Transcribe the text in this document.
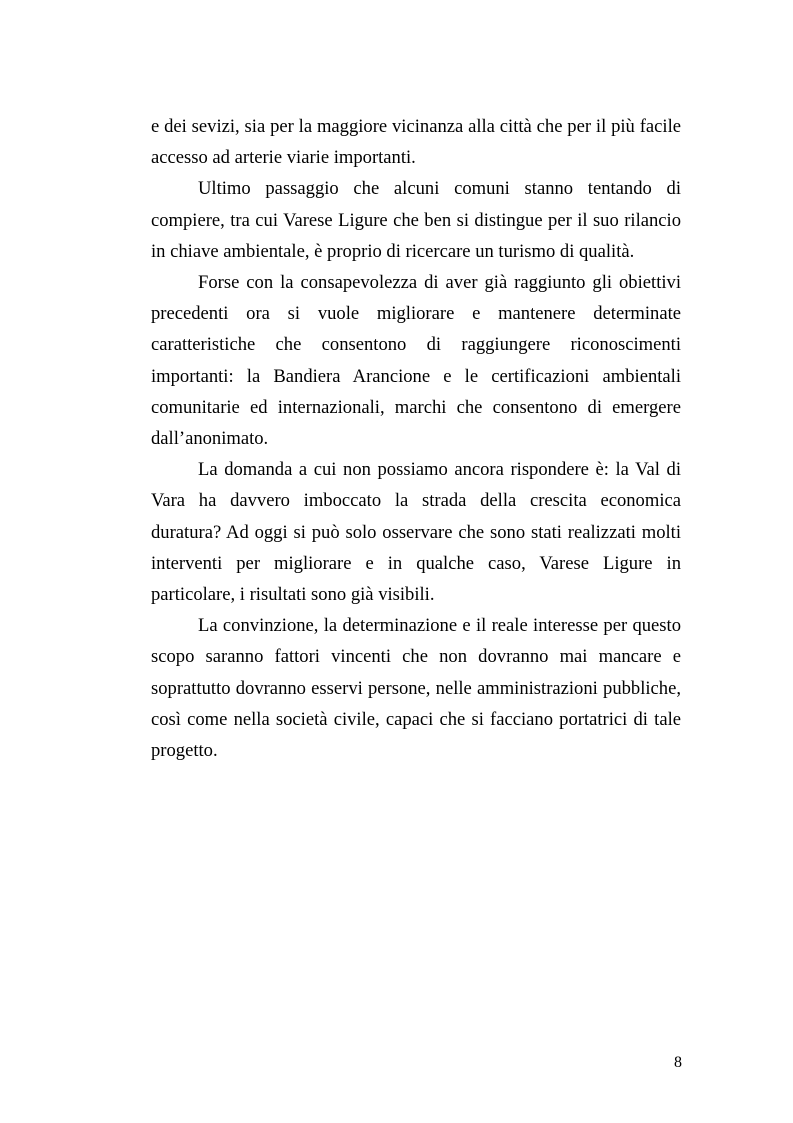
e dei sevizi, sia per la maggiore vicinanza alla città che per il più facile accesso ad arterie viarie importanti.

Ultimo passaggio che alcuni comuni stanno tentando di compiere, tra cui Varese Ligure che ben si distingue per il suo rilancio in chiave ambientale, è proprio di ricercare un turismo di qualità.

Forse con la consapevolezza di aver già raggiunto gli obiettivi precedenti ora si vuole migliorare e mantenere determinate caratteristiche che consentono di raggiungere riconoscimenti importanti: la Bandiera Arancione e le certificazioni ambientali comunitarie ed internazionali, marchi che consentono di emergere dall’anonimato.

La domanda a cui non possiamo ancora rispondere è: la Val di Vara ha davvero imboccato la strada della crescita economica duratura? Ad oggi si può solo osservare che sono stati realizzati molti interventi per migliorare e in qualche caso, Varese Ligure in particolare, i risultati sono già visibili.

La convinzione, la determinazione e il reale interesse per questo scopo saranno fattori vincenti che non dovranno mai mancare e soprattutto dovranno esservi persone, nelle amministrazioni pubbliche, così come nella società civile, capaci che si facciano portatrici di tale progetto.

8
